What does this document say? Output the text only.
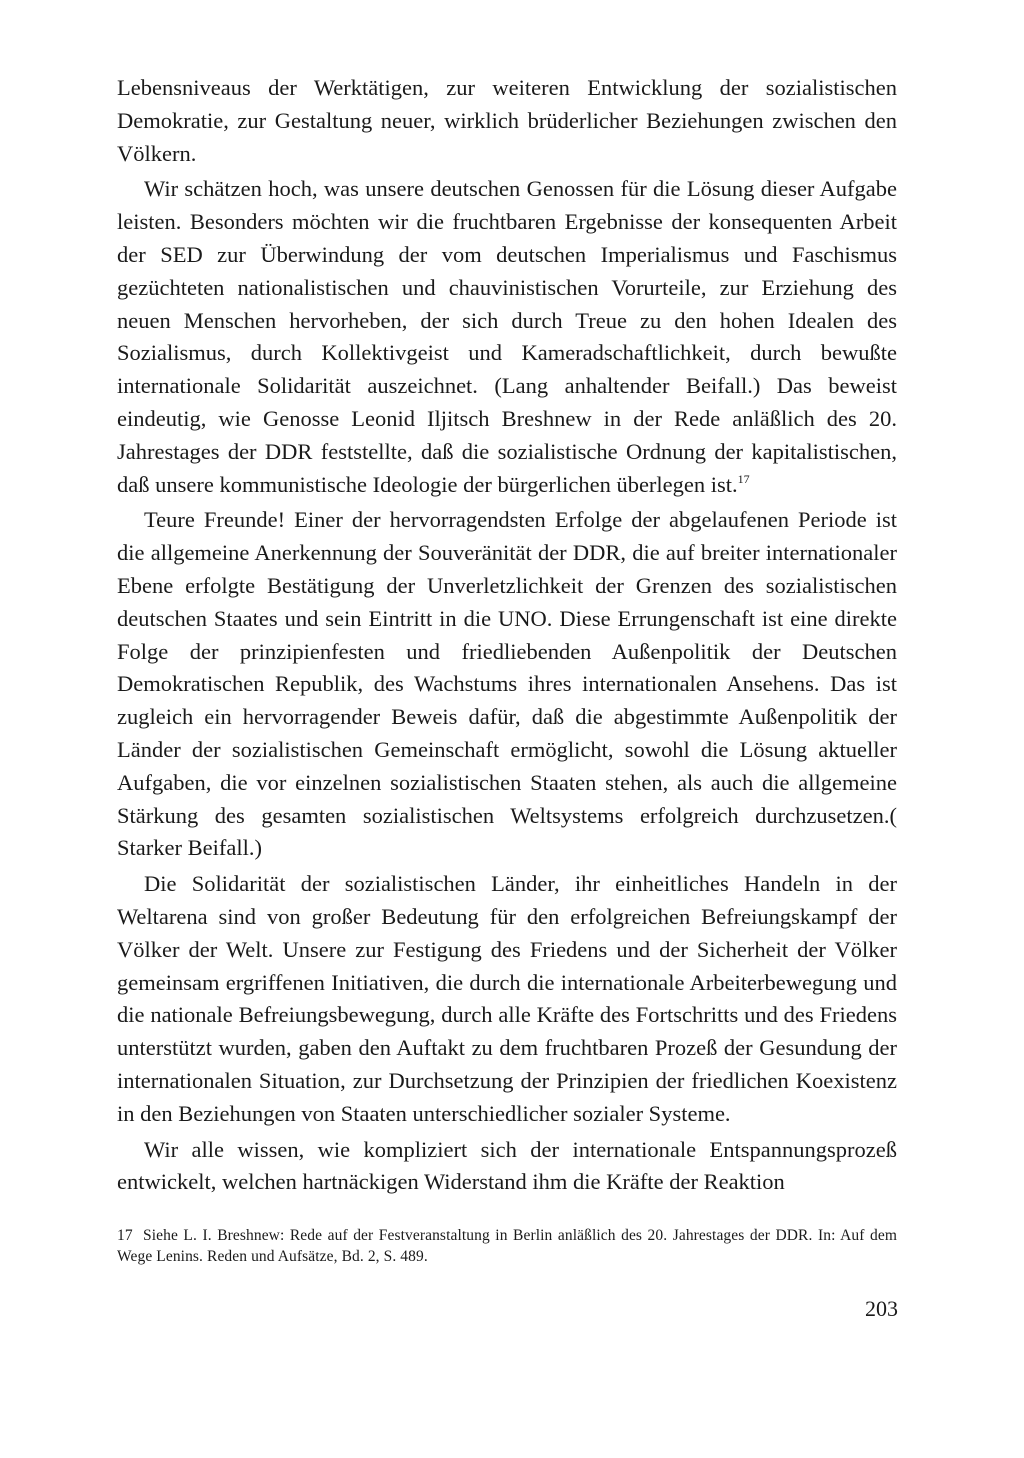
Lebensniveaus der Werktätigen, zur weiteren Entwicklung der sozialistischen Demokratie, zur Gestaltung neuer, wirklich brüderlicher Beziehungen zwischen den Völkern.

Wir schätzen hoch, was unsere deutschen Genossen für die Lösung dieser Aufgabe leisten. Besonders möchten wir die fruchtbaren Ergebnisse der konsequenten Arbeit der SED zur Überwindung der vom deutschen Imperialismus und Faschismus gezüchteten nationalistischen und chauvinistischen Vorurteile, zur Erziehung des neuen Menschen hervorheben, der sich durch Treue zu den hohen Idealen des Sozialismus, durch Kollektivgeist und Kameradschaftlichkeit, durch bewußte internationale Solidarität auszeichnet. (Lang anhaltender Beifall.) Das beweist eindeutig, wie Genosse Leonid Iljitsch Breshnew in der Rede anläßlich des 20. Jahrestages der DDR feststellte, daß die sozialistische Ordnung der kapitalistischen, daß unsere kommunistische Ideologie der bürgerlichen überlegen ist.$^{17}$

Teure Freunde! Einer der hervorragendsten Erfolge der abgelaufenen Periode ist die allgemeine Anerkennung der Souveränität der DDR, die auf breiter internationaler Ebene erfolgte Bestätigung der Unverletzlichkeit der Grenzen des sozialistischen deutschen Staates und sein Eintritt in die UNO. Diese Errungenschaft ist eine direkte Folge der prinzipienfesten und friedliebenden Außenpolitik der Deutschen Demokratischen Republik, des Wachstums ihres internationalen Ansehens. Das ist zugleich ein hervorragender Beweis dafür, daß die abgestimmte Außenpolitik der Länder der sozialistischen Gemeinschaft ermöglicht, sowohl die Lösung aktueller Aufgaben, die vor einzelnen sozialistischen Staaten stehen, als auch die allgemeine Stärkung des gesamten sozialistischen Weltsystems erfolgreich durchzusetzen.( Starker Beifall.)

Die Solidarität der sozialistischen Länder, ihr einheitliches Handeln in der Weltarena sind von großer Bedeutung für den erfolgreichen Befreiungskampf der Völker der Welt. Unsere zur Festigung des Friedens und der Sicherheit der Völker gemeinsam ergriffenen Initiativen, die durch die internationale Arbeiterbewegung und die nationale Befreiungsbewegung, durch alle Kräfte des Fortschritts und des Friedens unterstützt wurden, gaben den Auftakt zu dem fruchtbaren Prozeß der Gesundung der internationalen Situation, zur Durchsetzung der Prinzipien der friedlichen Koexistenz in den Beziehungen von Staaten unterschiedlicher sozialer Systeme.

Wir alle wissen, wie kompliziert sich der internationale Entspannungsprozeß entwickelt, welchen hartnäckigen Widerstand ihm die Kräfte der Reaktion

17 Siehe L. I. Breshnew: Rede auf der Festveranstaltung in Berlin anläßlich des 20. Jahrestages der DDR. In: Auf dem Wege Lenins. Reden und Aufsätze, Bd. 2, S. 489.
203
